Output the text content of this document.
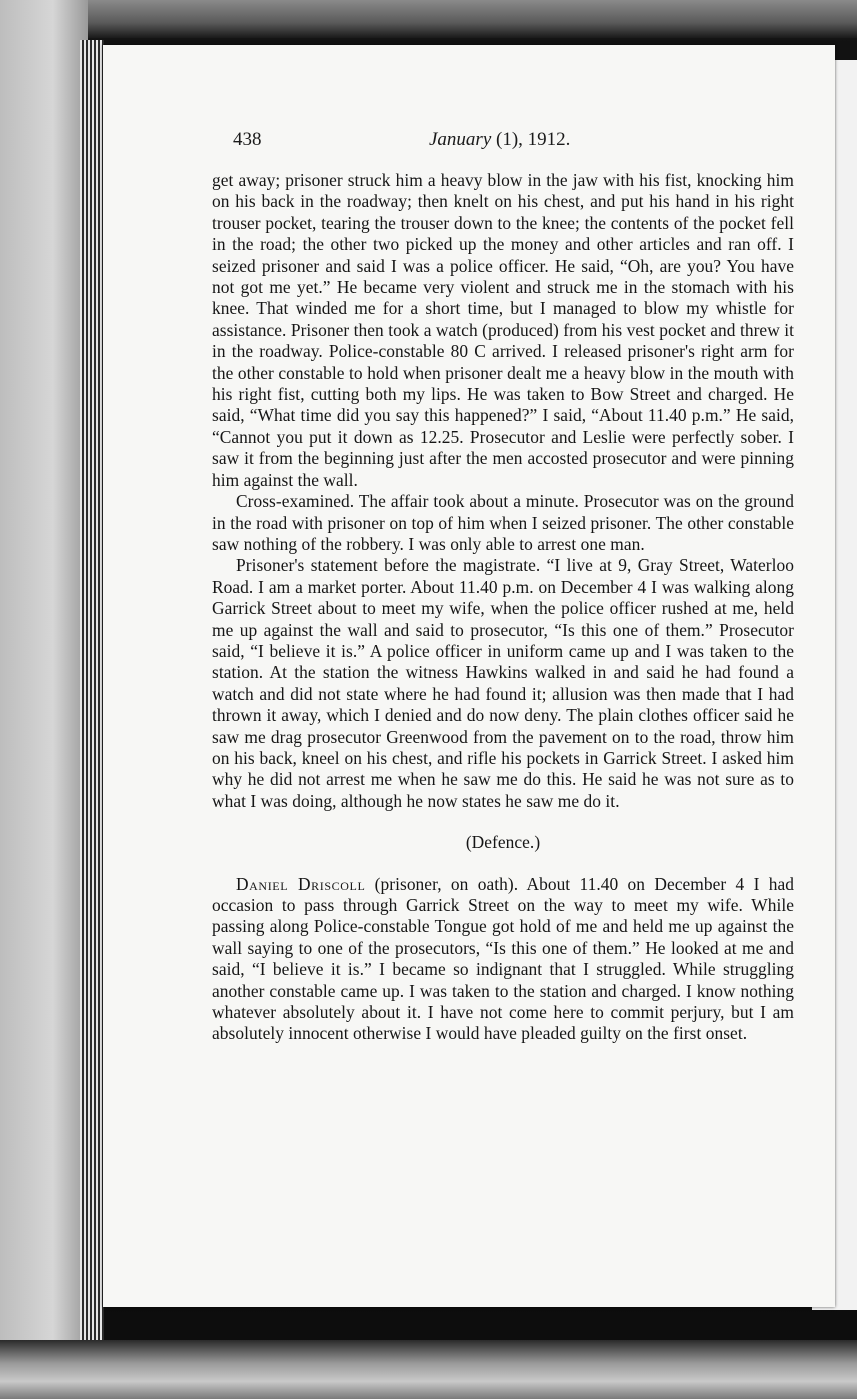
438	January (1), 1912.

get away; prisoner struck him a heavy blow in the jaw with his fist, knocking him on his back in the roadway; then knelt on his chest, and put his hand in his right trouser pocket, tearing the trouser down to the knee; the contents of the pocket fell in the road; the other two picked up the money and other articles and ran off. I seized prisoner and said I was a police officer. He said, “Oh, are you? You have not got me yet.” He became very violent and struck me in the stomach with his knee. That winded me for a short time, but I managed to blow my whistle for assistance. Prisoner then took a watch (produced) from his vest pocket and threw it in the roadway. Police-constable 80 C arrived. I released prisoner's right arm for the other constable to hold when prisoner dealt me a heavy blow in the mouth with his right fist, cutting both my lips. He was taken to Bow Street and charged. He said, “What time did you say this happened?” I said, “About 11.40 p.m.” He said, “Cannot you put it down as 12.25. Prosecutor and Leslie were perfectly sober. I saw it from the beginning just after the men accosted prosecutor and were pinning him against the wall.

Cross-examined. The affair took about a minute. Prosecutor was on the ground in the road with prisoner on top of him when I seized prisoner. The other constable saw nothing of the robbery. I was only able to arrest one man.

Prisoner's statement before the magistrate. “I live at 9, Gray Street, Waterloo Road. I am a market porter. About 11.40 p.m. on December 4 I was walking along Garrick Street about to meet my wife, when the police officer rushed at me, held me up against the wall and said to prosecutor, “Is this one of them.” Prosecutor said, “I believe it is.” A police officer in uniform came up and I was taken to the station. At the station the witness Hawkins walked in and said he had found a watch and did not state where he had found it; allusion was then made that I had thrown it away, which I denied and do now deny. The plain clothes officer said he saw me drag prosecutor Greenwood from the pavement on to the road, throw him on his back, kneel on his chest, and rifle his pockets in Garrick Street. I asked him why he did not arrest me when he saw me do this. He said he was not sure as to what I was doing, although he now states he saw me do it.

(Defence.)

Daniel Driscoll (prisoner, on oath). About 11.40 on December 4 I had occasion to pass through Garrick Street on the way to meet my wife. While passing along Police-constable Tongue got hold of me and held me up against the wall saying to one of the prosecutors, “Is this one of them.” He looked at me and said, “I believe it is.” I became so indignant that I struggled. While struggling another constable came up. I was taken to the station and charged. I know nothing whatever absolutely about it. I have not come here to commit perjury, but I am absolutely innocent otherwise I would have pleaded guilty on the first onset.
